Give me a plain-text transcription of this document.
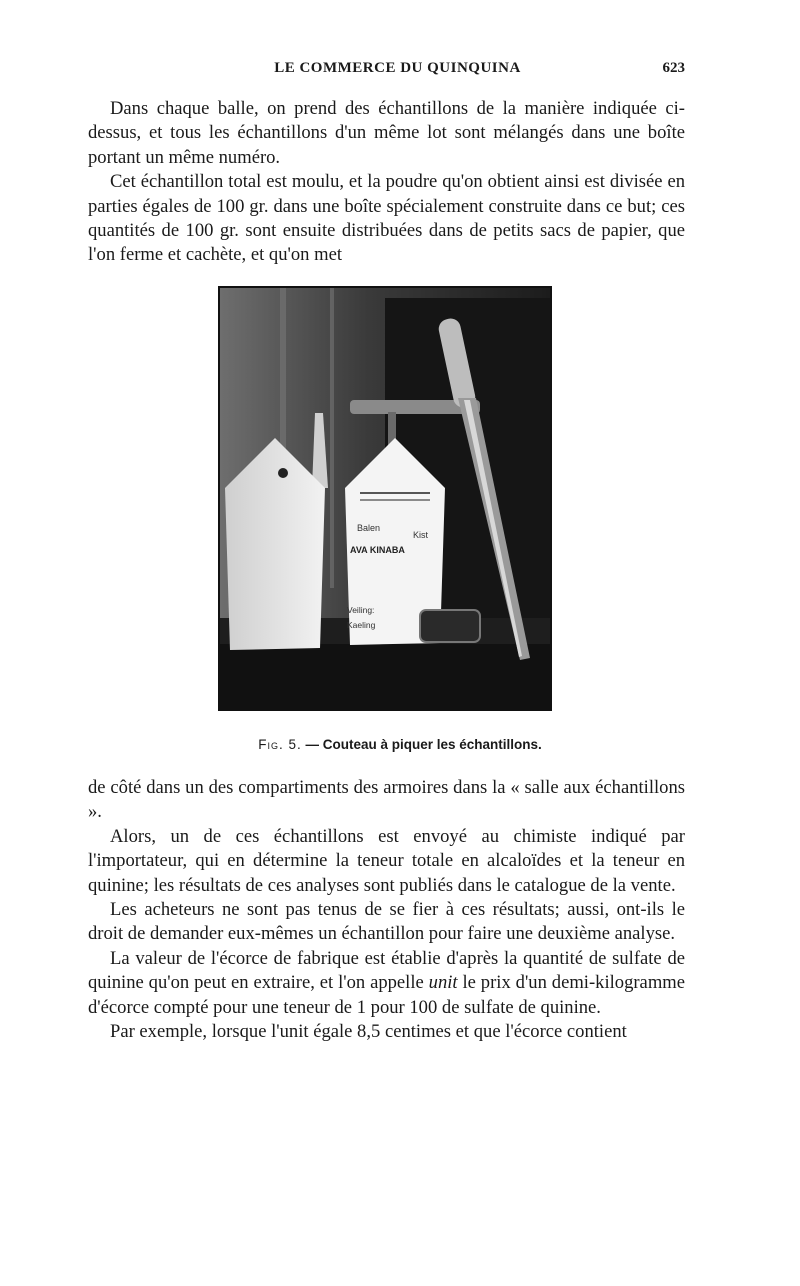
LE COMMERCE DU QUINQUINA	623

Dans chaque balle, on prend des échantillons de la manière indiquée ci-dessus, et tous les échantillons d'un même lot sont mélangés dans une boîte portant un même numéro.

Cet échantillon total est moulu, et la poudre qu'on obtient ainsi est divisée en parties égales de 100 gr. dans une boîte spécialement construite dans ce but; ces quantités de 100 gr. sont ensuite distribuées dans de petits sacs de papier, que l'on ferme et cachète, et qu'on met

Balen
Kist
AVA KINABA
Veiling:
Kaeling
Fig. 5. — Couteau à piquer les échantillons.

de côté dans un des compartiments des armoires dans la « salle aux échantillons ».

Alors, un de ces échantillons est envoyé au chimiste indiqué par l'importateur, qui en détermine la teneur totale en alcaloïdes et la teneur en quinine; les résultats de ces analyses sont publiés dans le catalogue de la vente.

Les acheteurs ne sont pas tenus de se fier à ces résultats; aussi, ont-ils le droit de demander eux-mêmes un échantillon pour faire une deuxième analyse.

La valeur de l'écorce de fabrique est établie d'après la quantité de sulfate de quinine qu'on peut en extraire, et l'on appelle unit le prix d'un demi-kilogramme d'écorce compté pour une teneur de 1 pour 100 de sulfate de quinine.

Par exemple, lorsque l'unit égale 8,5 centimes et que l'écorce contient
